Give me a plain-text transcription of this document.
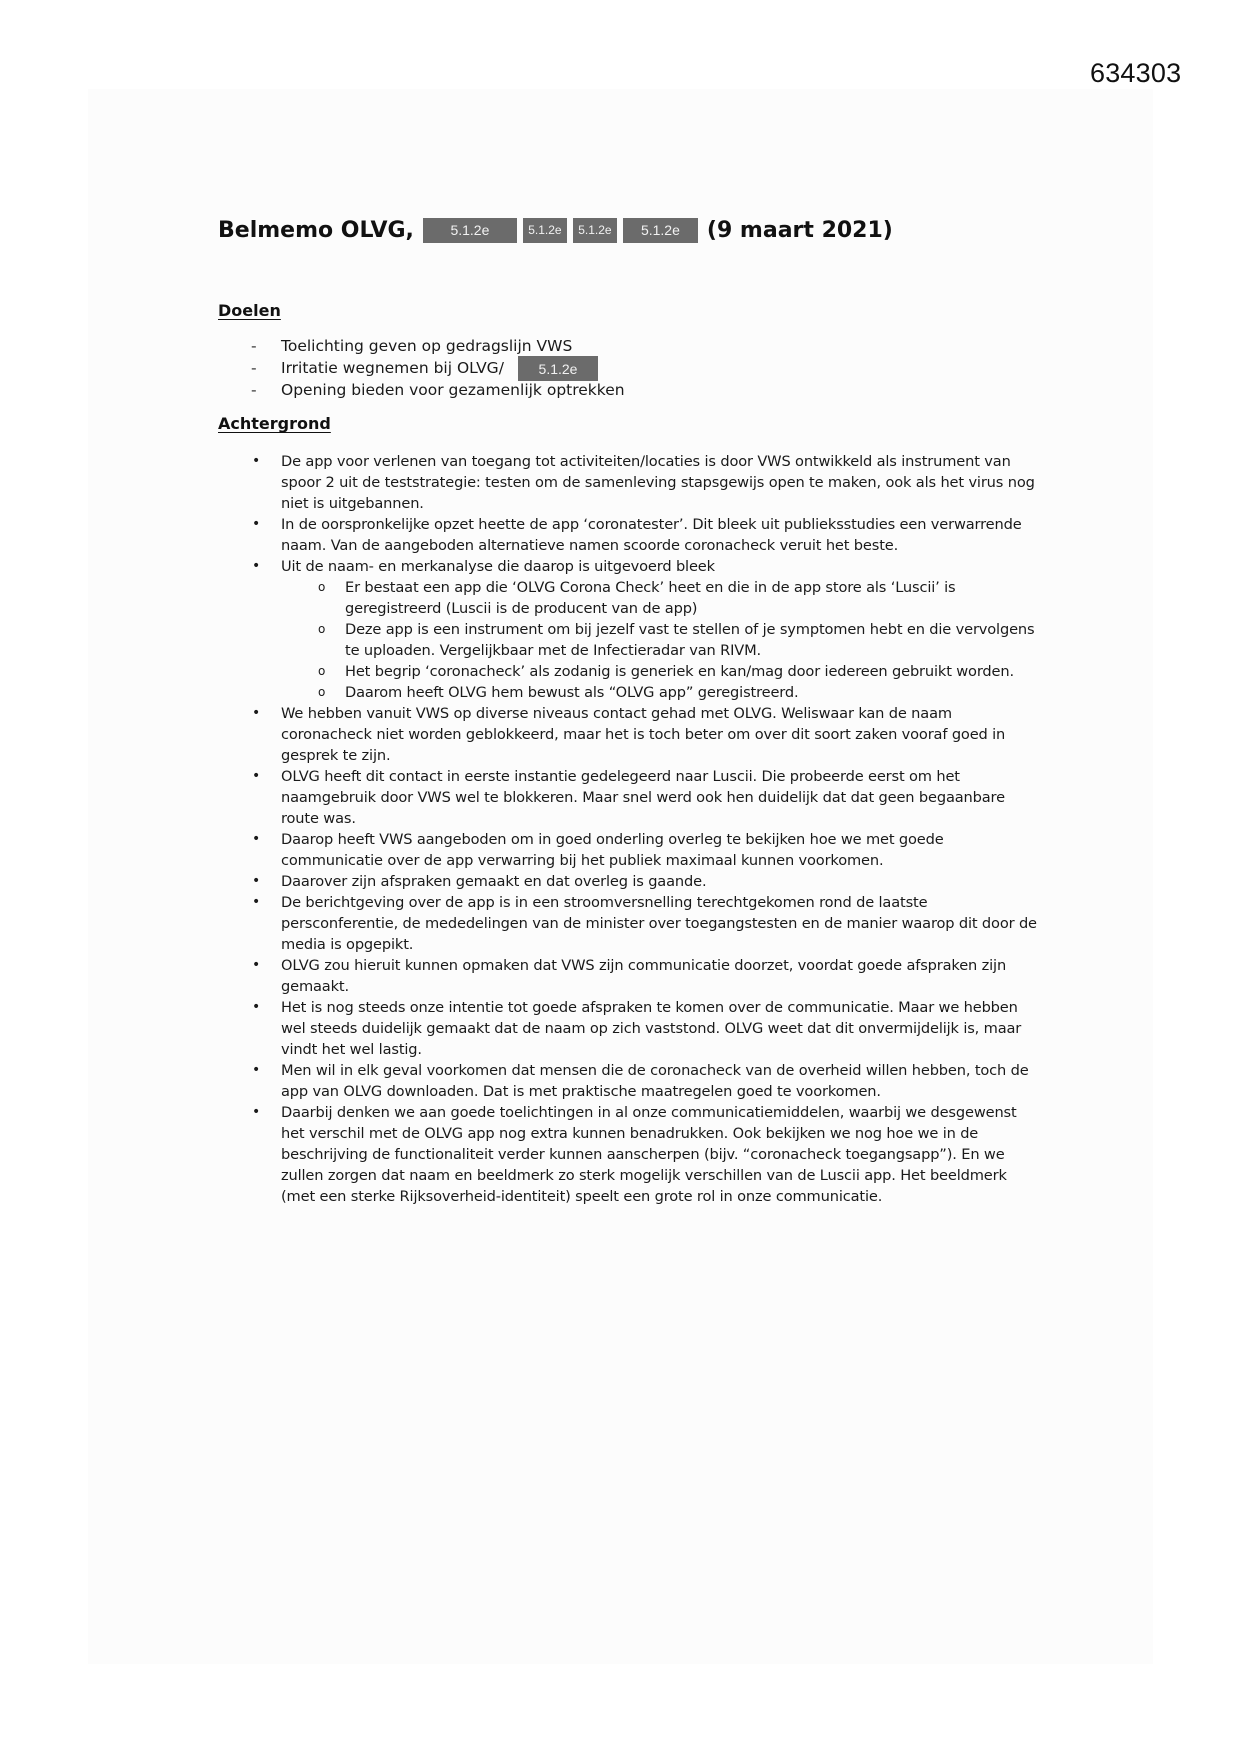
634303
Belmemo OLVG,	5.1.2e	5.1.2e	5.1.2e	5.1.2e	(9 maart 2021)
Doelen
- Toelichting geven op gedragslijn VWS
- Irritatie wegnemen bij OLVG/	5.1.2e
- Opening bieden voor gezamenlijk optrekken
Achtergrond
• De app voor verlenen van toegang tot activiteiten/locaties is door VWS ontwikkeld als instrument van spoor 2 uit de teststrategie: testen om de samenleving stapsgewijs open te maken, ook als het virus nog niet is uitgebannen.
• In de oorspronkelijke opzet heette de app ‘coronatester’. Dit bleek uit publieksstudies een verwarrende naam. Van de aangeboden alternatieve namen scoorde coronacheck veruit het beste.
• Uit de naam- en merkanalyse die daarop is uitgevoerd bleek
o Er bestaat een app die ‘OLVG Corona Check’ heet en die in de app store als ‘Luscii’ is geregistreerd (Luscii is de producent van de app)
o Deze app is een instrument om bij jezelf vast te stellen of je symptomen hebt en die vervolgens te uploaden. Vergelijkbaar met de Infectieradar van RIVM.
o Het begrip ‘coronacheck’ als zodanig is generiek en kan/mag door iedereen gebruikt worden.
o Daarom heeft OLVG hem bewust als “OLVG app” geregistreerd.
• We hebben vanuit VWS op diverse niveaus contact gehad met OLVG. Weliswaar kan de naam coronacheck niet worden geblokkeerd, maar het is toch beter om over dit soort zaken vooraf goed in gesprek te zijn.
• OLVG heeft dit contact in eerste instantie gedelegeerd naar Luscii. Die probeerde eerst om het naamgebruik door VWS wel te blokkeren. Maar snel werd ook hen duidelijk dat dat geen begaanbare route was.
• Daarop heeft VWS aangeboden om in goed onderling overleg te bekijken hoe we met goede communicatie over de app verwarring bij het publiek maximaal kunnen voorkomen.
• Daarover zijn afspraken gemaakt en dat overleg is gaande.
• De berichtgeving over de app is in een stroomversnelling terechtgekomen rond de laatste persconferentie, de mededelingen van de minister over toegangstesten en de manier waarop dit door de media is opgepikt.
• OLVG zou hieruit kunnen opmaken dat VWS zijn communicatie doorzet, voordat goede afspraken zijn gemaakt.
• Het is nog steeds onze intentie tot goede afspraken te komen over de communicatie. Maar we hebben wel steeds duidelijk gemaakt dat de naam op zich vaststond. OLVG weet dat dit onvermijdelijk is, maar vindt het wel lastig.
• Men wil in elk geval voorkomen dat mensen die de coronacheck van de overheid willen hebben, toch de app van OLVG downloaden. Dat is met praktische maatregelen goed te voorkomen.
• Daarbij denken we aan goede toelichtingen in al onze communicatiemiddelen, waarbij we desgewenst het verschil met de OLVG app nog extra kunnen benadrukken. Ook bekijken we nog hoe we in de beschrijving de functionaliteit verder kunnen aanscherpen (bijv. “coronacheck toegangsapp”). En we zullen zorgen dat naam en beeldmerk zo sterk mogelijk verschillen van de Luscii app. Het beeldmerk (met een sterke Rijksoverheid-identiteit) speelt een grote rol in onze communicatie.
